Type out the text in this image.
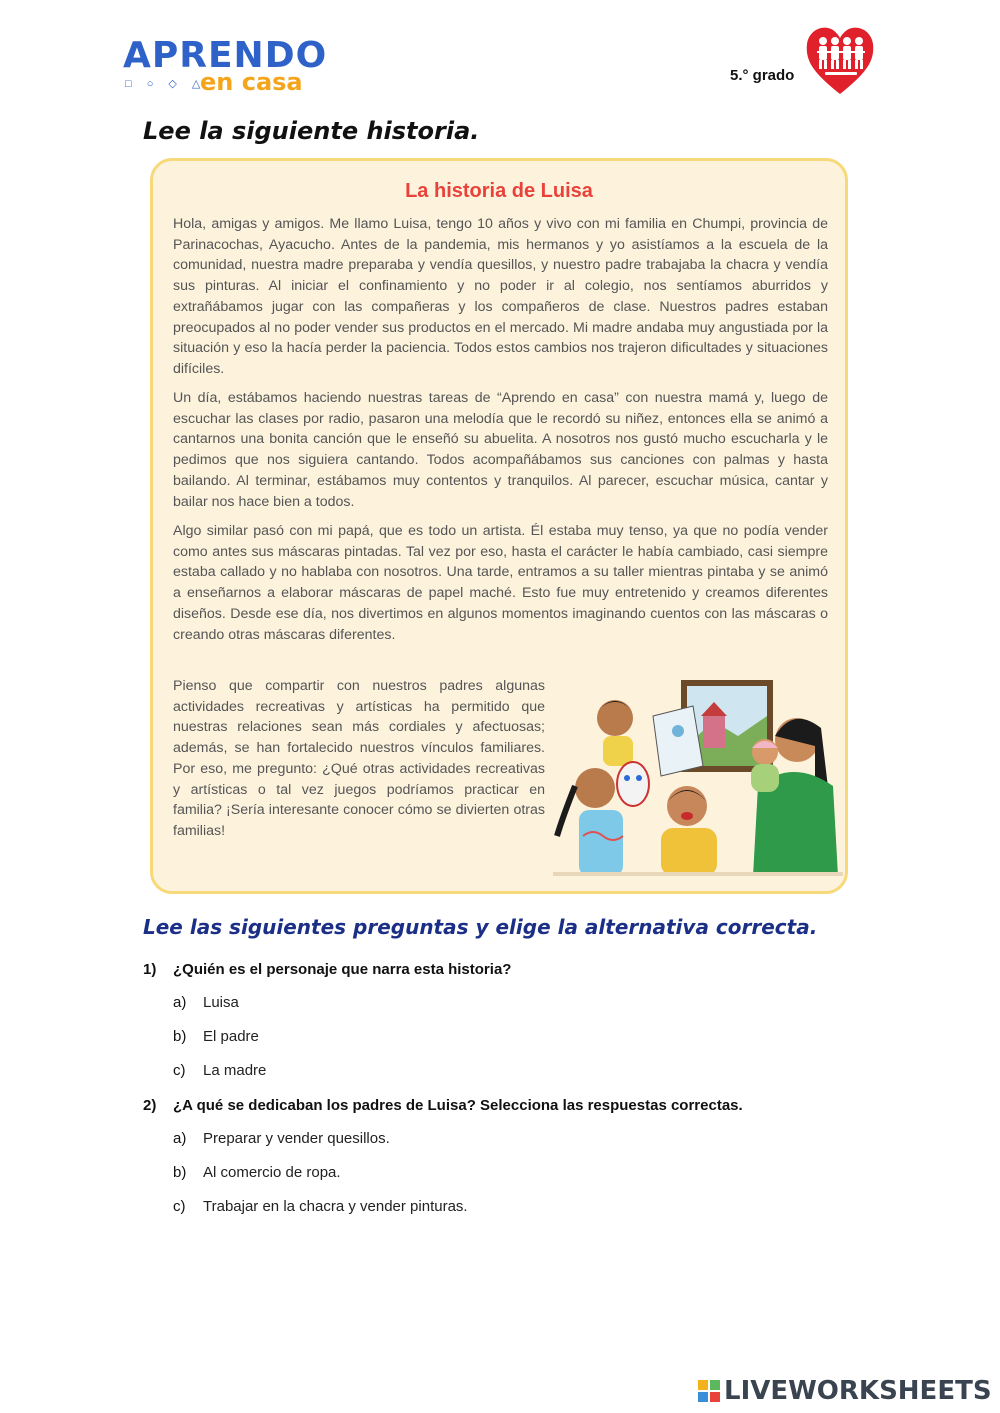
APRENDO
□ ○ ◇ △
en casa	5.° grado
Lee la siguiente historia.
La historia de Luisa

Hola, amigas y amigos. Me llamo Luisa, tengo 10 años y vivo con mi familia en Chumpi, provincia de Parinacochas, Ayacucho. Antes de la pandemia, mis hermanos y yo asistíamos a la escuela de la comunidad, nuestra madre preparaba y vendía quesillos, y nuestro padre trabajaba la chacra y vendía sus pinturas. Al iniciar el confinamiento y no poder ir al colegio, nos sentíamos aburridos y extrañábamos jugar con las compañeras y los compañeros de clase. Nuestros padres estaban preocupados al no poder vender sus productos en el mercado. Mi madre andaba muy angustiada por la situación y eso la hacía perder la paciencia. Todos estos cambios nos trajeron dificultades y situaciones difíciles.

Un día, estábamos haciendo nuestras tareas de “Aprendo en casa” con nuestra mamá y, luego de escuchar las clases por radio, pasaron una melodía que le recordó su niñez, entonces ella se animó a cantarnos una bonita canción que le enseñó su abuelita. A nosotros nos gustó mucho escucharla y le pedimos que nos siguiera cantando. Todos acompañábamos sus canciones con palmas y hasta bailando. Al terminar, estábamos muy contentos y tranquilos. Al parecer, escuchar música, cantar y bailar nos hace bien a todos.

Algo similar pasó con mi papá, que es todo un artista. Él estaba muy tenso, ya que no podía vender como antes sus máscaras pintadas. Tal vez por eso, hasta el carácter le había cambiado, casi siempre estaba callado y no hablaba con nosotros. Una tarde, entramos a su taller mientras pintaba y se animó a enseñarnos a elaborar máscaras de papel maché. Esto fue muy entretenido y creamos diferentes diseños. Desde ese día, nos divertimos en algunos momentos imaginando cuentos con las máscaras o creando otras máscaras diferentes.

Pienso que compartir con nuestros padres algunas actividades recreativas y artísticas ha permitido que nuestras relaciones sean más cordiales y afectuosas; además, se han fortalecido nuestros vínculos familiares. Por eso, me pregunto: ¿Qué otras actividades recreativas y artísticas o tal vez juegos podríamos practicar en familia? ¡Sería interesante conocer cómo se divierten otras familias!

Lee las siguientes preguntas y elige la alternativa correcta.
1) ¿Quién es el personaje que narra esta historia?
a) Luisa
b) El padre
c) La madre
2) ¿A qué se dedicaban los padres de Luisa? Selecciona las respuestas correctas.
a) Preparar y vender quesillos.
b) Al comercio de ropa.
c) Trabajar en la chacra y vender pinturas.
LIVEWORKSHEETS
